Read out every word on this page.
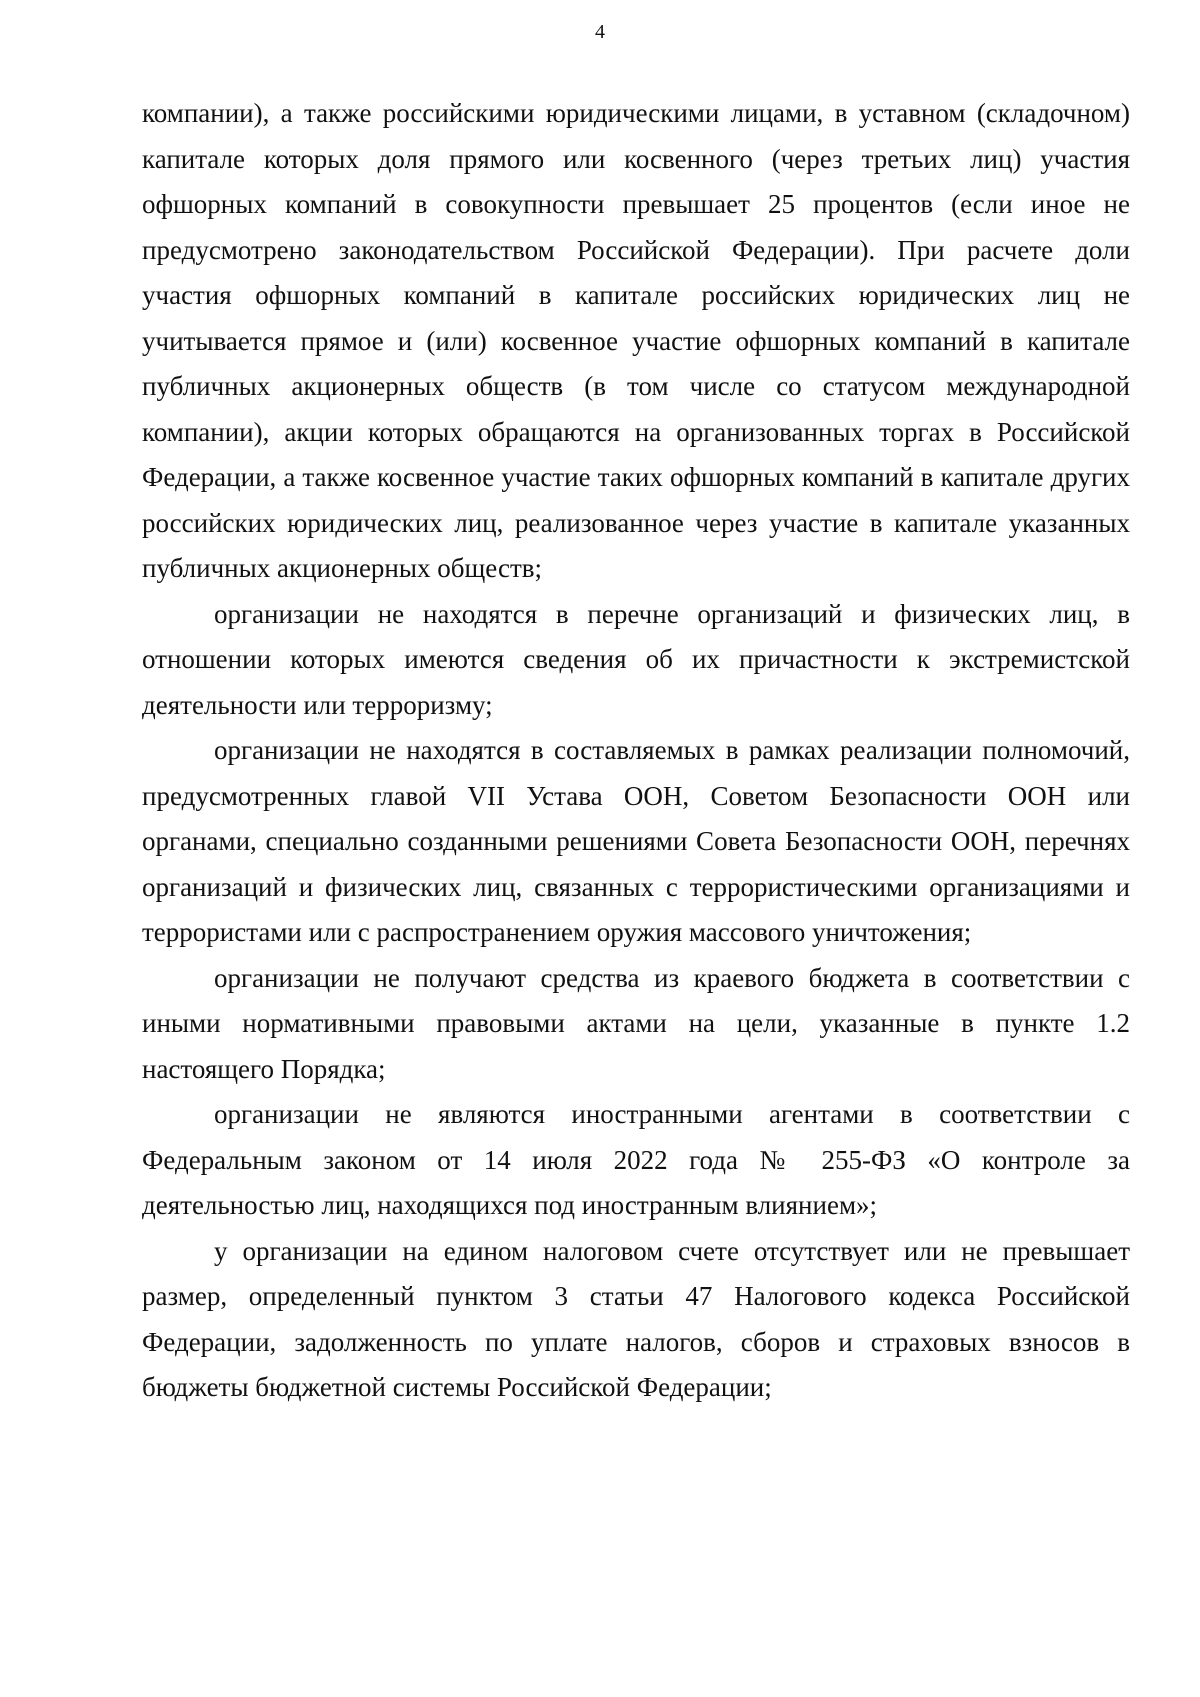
4

компании), а также российскими юридическими лицами, в уставном (складочном) капитале которых доля прямого или косвенного (через третьих лиц) участия офшорных компаний в совокупности превышает 25 процентов (если иное не предусмотрено законодательством Российской Федерации). При расчете доли участия офшорных компаний в капитале российских юридических лиц не учитывается прямое и (или) косвенное участие офшорных компаний в капитале публичных акционерных обществ (в том числе со статусом международной компании), акции которых обращаются на организованных торгах в Российской Федерации, а также косвенное участие таких офшорных компаний в капитале других российских юридических лиц, реализованное через участие в капитале указанных публичных акционерных обществ;

организации не находятся в перечне организаций и физических лиц, в отношении которых имеются сведения об их причастности к экстремистской деятельности или терроризму;

организации не находятся в составляемых в рамках реализации полномочий, предусмотренных главой VII Устава ООН, Советом Безопасности ООН или органами, специально созданными решениями Совета Безопасности ООН, перечнях организаций и физических лиц, связанных с террористическими организациями и террористами или с распространением оружия массового уничтожения;

организации не получают средства из краевого бюджета в соответствии с иными нормативными правовыми актами на цели, указанные в пункте 1.2 настоящего Порядка;

организации не являются иностранными агентами в соответствии с Федеральным законом от 14 июля 2022 года № 255-ФЗ «О контроле за деятельностью лиц, находящихся под иностранным влиянием»;

у организации на едином налоговом счете отсутствует или не превышает размер, определенный пунктом 3 статьи 47 Налогового кодекса Российской Федерации, задолженность по уплате налогов, сборов и страховых взносов в бюджеты бюджетной системы Российской Федерации;
